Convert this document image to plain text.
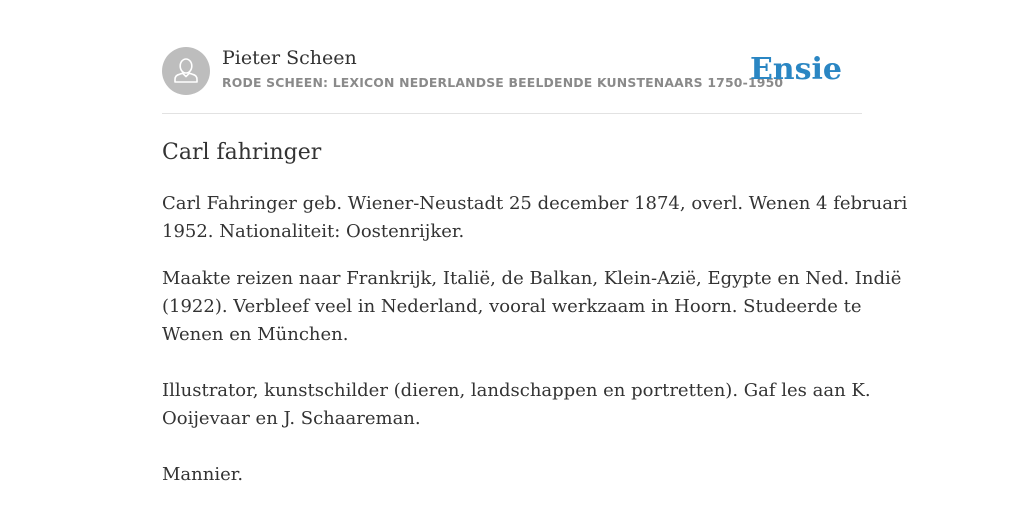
Pieter Scheen
RODE SCHEEN: LEXICON NEDERLANDSE BEELDENDE KUNSTENAARS 1750-1950
Ensie
Carl fahringer

Carl Fahringer geb. Wiener-Neustadt 25 december 1874, overl. Wenen 4 februari

1952. Nationaliteit: Oostenrijker.

Maakte reizen naar Frankrijk, Italië, de Balkan, Klein-Azië, Egypte en Ned. Indië

(1922). Verbleef veel in Nederland, vooral werkzaam in Hoorn. Studeerde te

Wenen en München.

Illustrator, kunstschilder (dieren, landschappen en portretten). Gaf les aan K.

Ooijevaar en J. Schaareman.

Mannier.
